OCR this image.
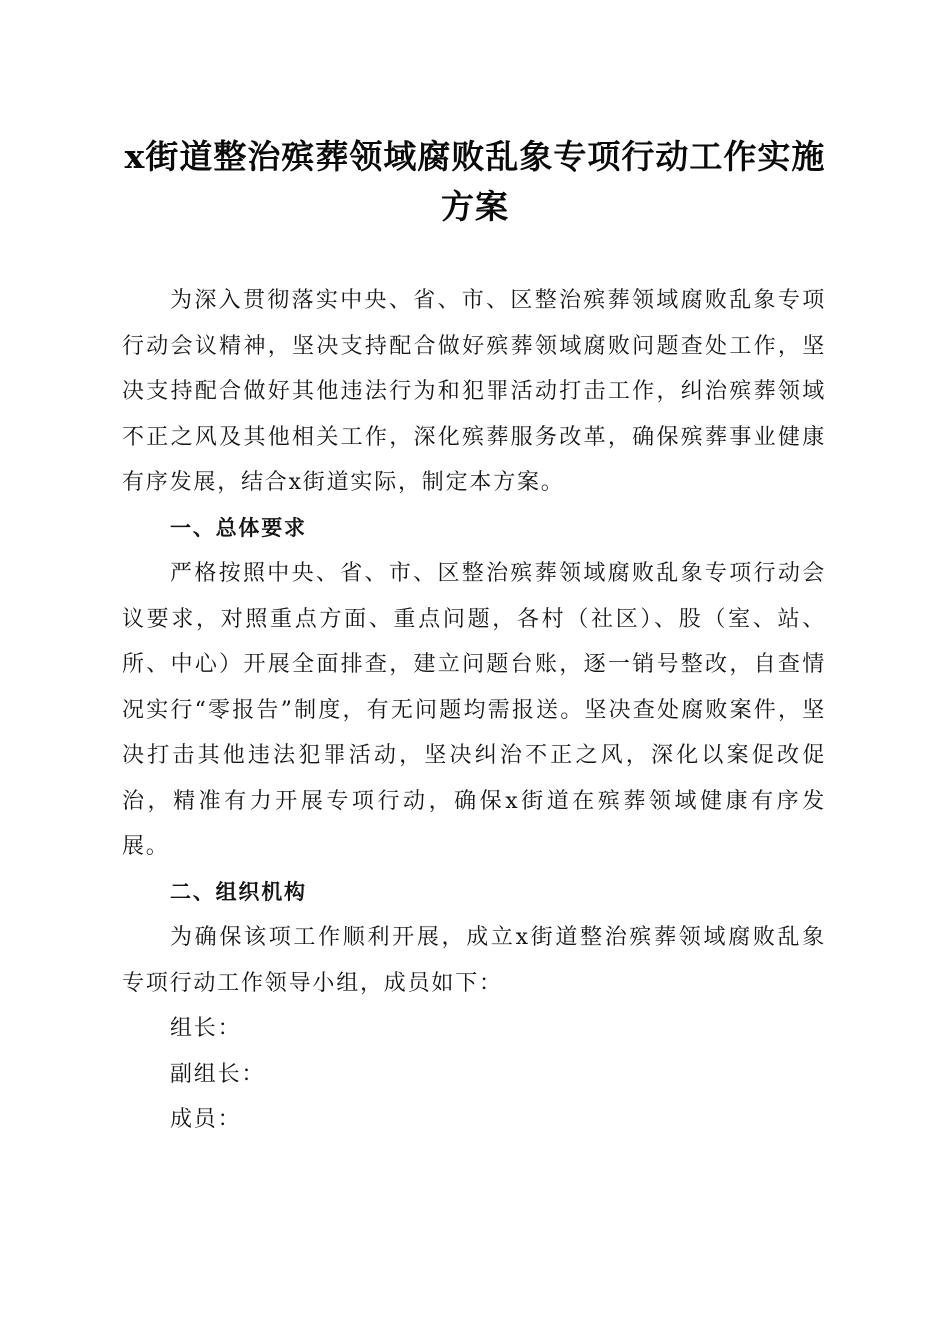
x街道整治殡葬领域腐败乱象专项行动工作实施方案

为深入贯彻落实中央、省、市、区整治殡葬领域腐败乱象专项行动会议精神，坚决支持配合做好殡葬领域腐败问题查处工作，坚决支持配合做好其他违法行为和犯罪活动打击工作，纠治殡葬领域不正之风及其他相关工作，深化殡葬服务改革，确保殡葬事业健康有序发展，结合x街道实际，制定本方案。

一、总体要求

严格按照中央、省、市、区整治殡葬领域腐败乱象专项行动会议要求，对照重点方面、重点问题，各村（社区）、股（室、站、所、中心）开展全面排查，建立问题台账，逐一销号整改，自查情况实行“零报告”制度，有无问题均需报送。坚决查处腐败案件，坚决打击其他违法犯罪活动，坚决纠治不正之风，深化以案促改促治，精准有力开展专项行动，确保x街道在殡葬领域健康有序发展。

二、组织机构

为确保该项工作顺利开展，成立x街道整治殡葬领域腐败乱象专项行动工作领导小组，成员如下：

组长：

副组长：

成员：
